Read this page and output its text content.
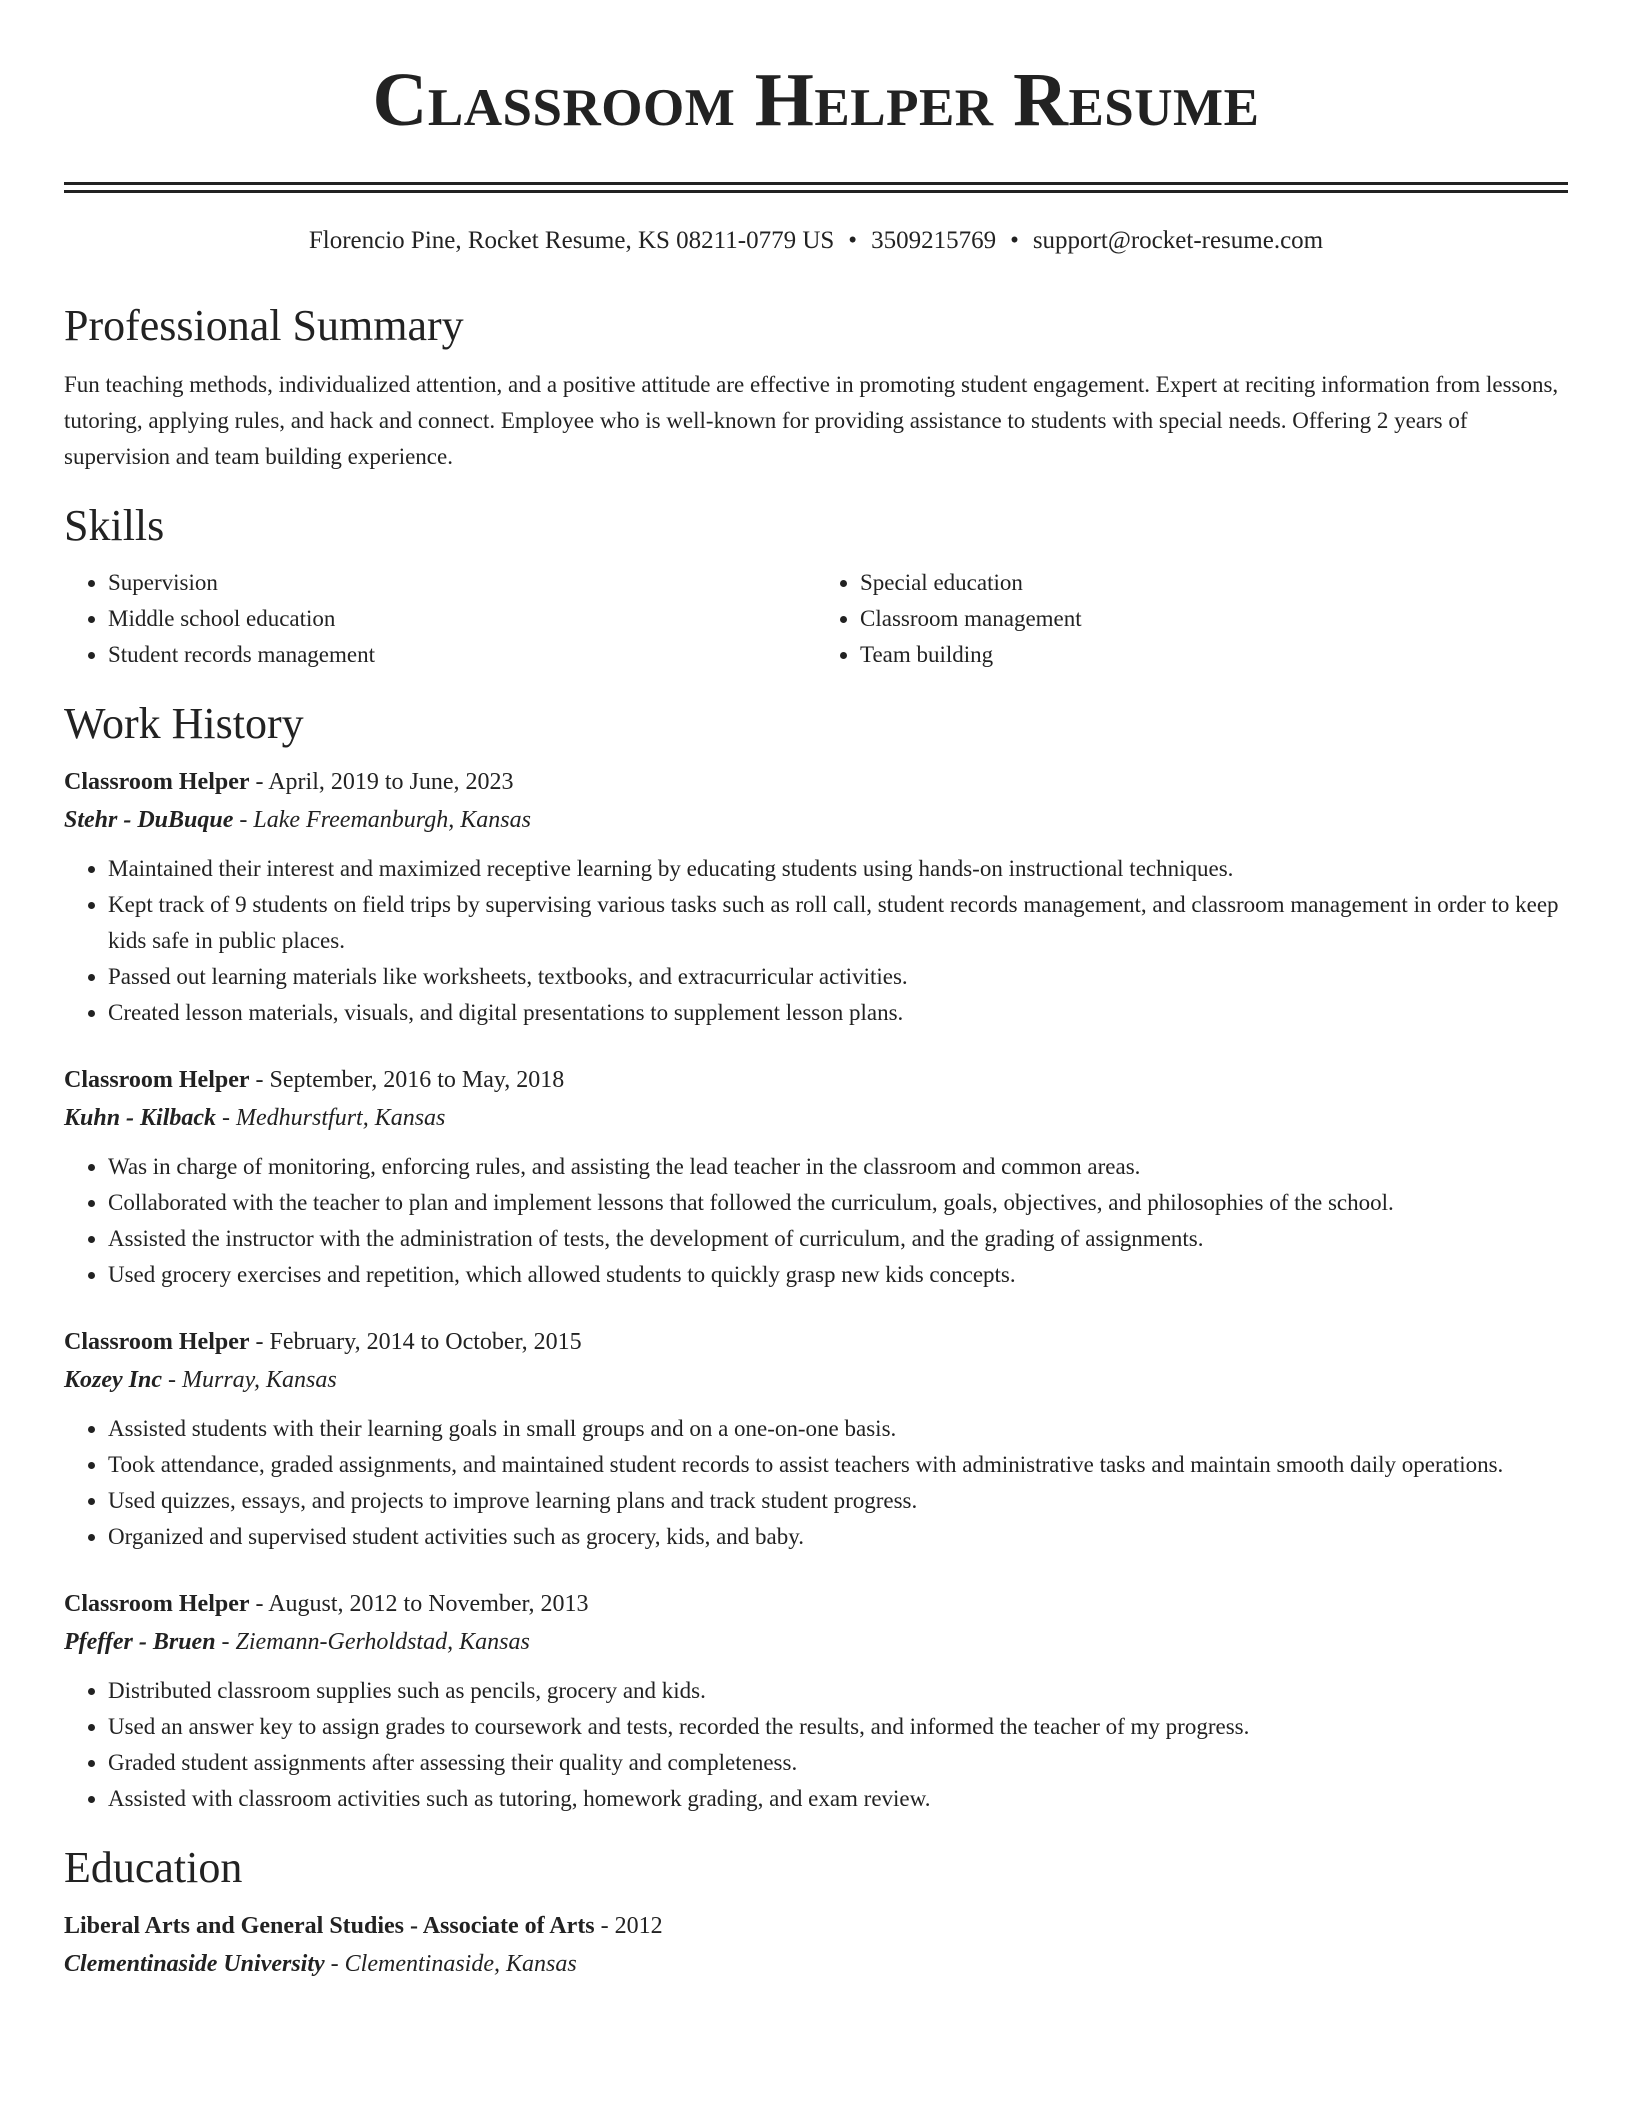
Classroom Helper Resume
Florencio Pine, Rocket Resume, KS 08211-0779 US • 3509215769 • support@rocket-resume.com
Professional Summary
Fun teaching methods, individualized attention, and a positive attitude are effective in promoting student engagement. Expert at reciting information from lessons, tutoring, applying rules, and hack and connect. Employee who is well-known for providing assistance to students with special needs. Offering 2 years of supervision and team building experience.
Skills
• Supervision
• Middle school education
• Student records management
• Special education
• Classroom management
• Team building
Work History
Classroom Helper - April, 2019 to June, 2023
Stehr - DuBuque - Lake Freemanburgh, Kansas
• Maintained their interest and maximized receptive learning by educating students using hands-on instructional techniques.
• Kept track of 9 students on field trips by supervising various tasks such as roll call, student records management, and classroom management in order to keep kids safe in public places.
• Passed out learning materials like worksheets, textbooks, and extracurricular activities.
• Created lesson materials, visuals, and digital presentations to supplement lesson plans.
Classroom Helper - September, 2016 to May, 2018
Kuhn - Kilback - Medhurstfurt, Kansas
• Was in charge of monitoring, enforcing rules, and assisting the lead teacher in the classroom and common areas.
• Collaborated with the teacher to plan and implement lessons that followed the curriculum, goals, objectives, and philosophies of the school.
• Assisted the instructor with the administration of tests, the development of curriculum, and the grading of assignments.
• Used grocery exercises and repetition, which allowed students to quickly grasp new kids concepts.
Classroom Helper - February, 2014 to October, 2015
Kozey Inc - Murray, Kansas
• Assisted students with their learning goals in small groups and on a one-on-one basis.
• Took attendance, graded assignments, and maintained student records to assist teachers with administrative tasks and maintain smooth daily operations.
• Used quizzes, essays, and projects to improve learning plans and track student progress.
• Organized and supervised student activities such as grocery, kids, and baby.
Classroom Helper - August, 2012 to November, 2013
Pfeffer - Bruen - Ziemann-Gerholdstad, Kansas
• Distributed classroom supplies such as pencils, grocery and kids.
• Used an answer key to assign grades to coursework and tests, recorded the results, and informed the teacher of my progress.
• Graded student assignments after assessing their quality and completeness.
• Assisted with classroom activities such as tutoring, homework grading, and exam review.
Education
Liberal Arts and General Studies - Associate of Arts - 2012
Clementinaside University - Clementinaside, Kansas
